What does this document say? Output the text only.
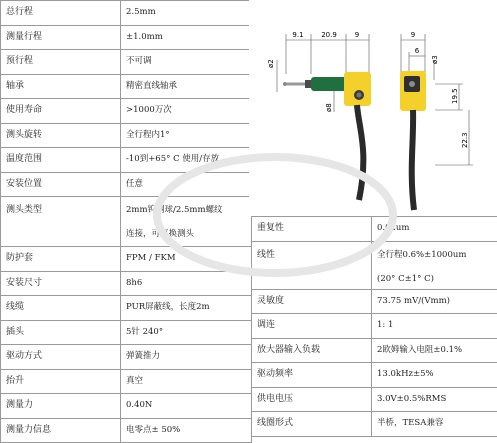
总行程	2.5mm
测量行程	±1.0mm
预行程	不可调
轴承	精密直线轴承
使用寿命	>1000万次
测头旋转	全行程内1°
温度范围	-10到+65° C 使用/存放
安装位置	任意
测头类型	2mm钨钢球/2.5mm螺纹
连接，可更换测头

防护套	FPM / FKM
安装尺寸	8h6
线缆	PUR屏蔽线，长度2m
插头	5针 240°
驱动方式	弹簧推力
抬升	真空
测量力	0.40N
测量力信息	电零点± 50%
重复性	0.02um
线性	全行程0.6%±1000um
(20° C±1° C)

灵敏度	73.75 mV/(Vmm)
调连	1: 1
放大器输入负载	2欧姆输入电阻±0.1%
驱动频率	13.0kHz±5%
供电电压	3.0V±0.5%RMS
线圈形式	半桥，TESA兼容
9.1	20.9	9	9
6
ø2
ø8
ø3
19.5
22.3
